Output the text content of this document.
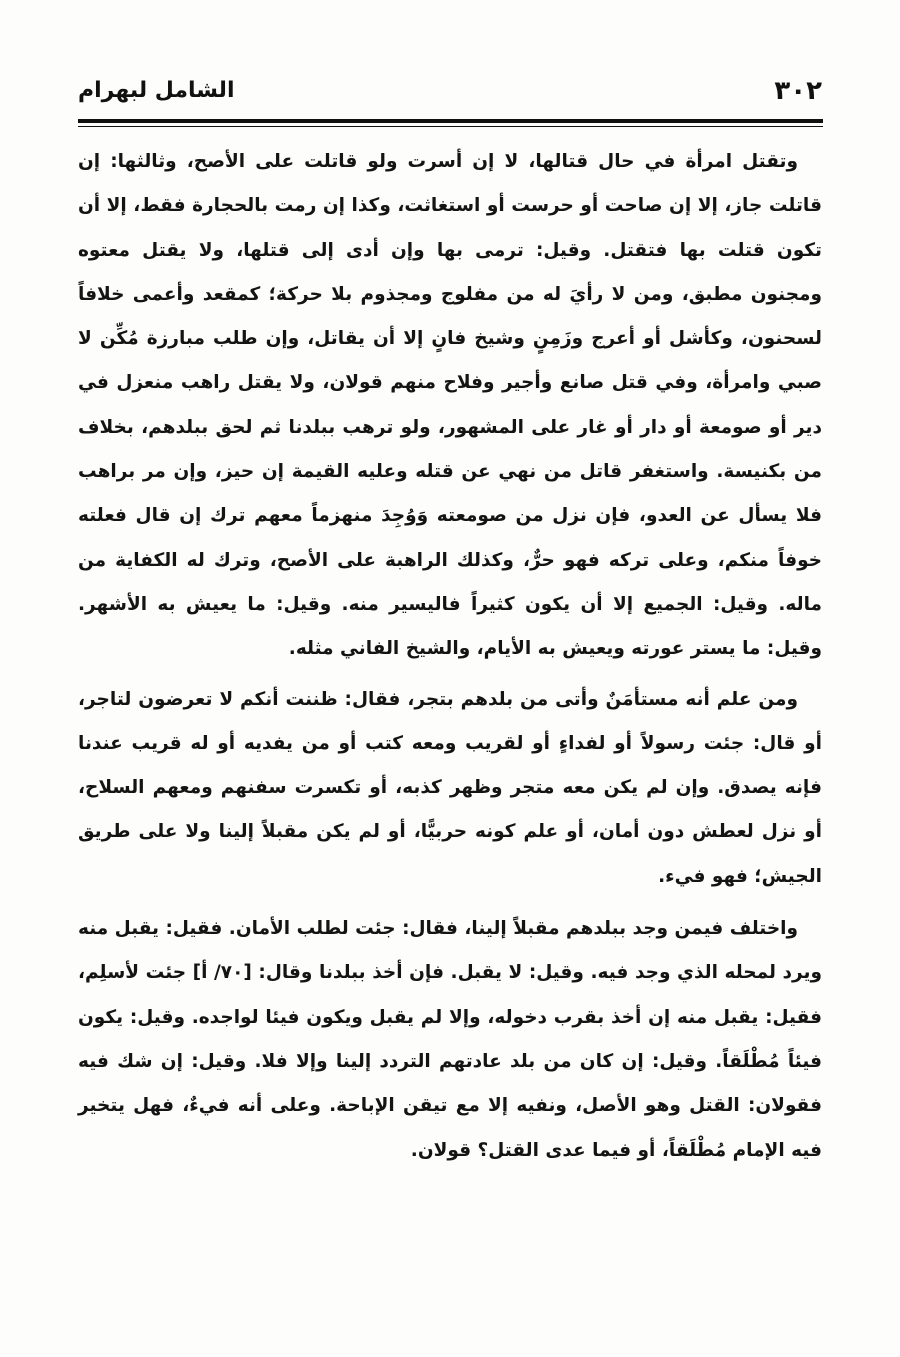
٣٠٢
الشامل لبهرام

وتقتل امرأة في حال قتالها، لا إن أسرت ولو قاتلت على الأصح، وثالثها: إن قاتلت جاز، إلا إن صاحت أو حرست أو استغاثت، وكذا إن رمت بالحجارة فقط، إلا أن تكون قتلت بها فتقتل. وقيل: ترمى بها وإن أدى إلى قتلها، ولا يقتل معتوه ومجنون مطبق، ومن لا رأيَ له من مفلوج ومجذوم بلا حركة؛ كمقعد وأعمى خلافاً لسحنون، وكأشل أو أعرج وزَمِنٍ وشيخ فانٍ إلا أن يقاتل، وإن طلب مبارزة مُكِّن لا صبي وامرأة، وفي قتل صانع وأجير وفلاح منهم قولان، ولا يقتل راهب منعزل في دير أو صومعة أو دار أو غار على المشهور، ولو ترهب ببلدنا ثم لحق ببلدهم، بخلاف من بكنيسة. واستغفر قاتل من نهي عن قتله وعليه القيمة إن حيز، وإن مر براهب فلا يسأل عن العدو، فإن نزل من صومعته وَوُجِدَ منهزماً معهم ترك إن قال فعلته خوفاً منكم، وعلى تركه فهو حرٌّ، وكذلك الراهبة على الأصح، وترك له الكفاية من ماله. وقيل: الجميع إلا أن يكون كثيراً فاليسير منه. وقيل: ما يعيش به الأشهر. وقيل: ما يستر عورته ويعيش به الأيام، والشيخ الفاني مثله.

ومن علم أنه مستأمَنٌ وأتى من بلدهم بتجر، فقال: ظننت أنكم لا تعرضون لتاجر، أو قال: جئت رسولاً أو لفداءٍ أو لقريب ومعه كتب أو من يفديه أو له قريب عندنا فإنه يصدق. وإن لم يكن معه متجر وظهر كذبه، أو تكسرت سفنهم ومعهم السلاح، أو نزل لعطش دون أمان، أو علم كونه حربيًّا، أو لم يكن مقبلاً إلينا ولا على طريق الجيش؛ فهو فيء.

واختلف فيمن وجد ببلدهم مقبلاً إلينا، فقال: جئت لطلب الأمان. فقيل: يقبل منه ويرد لمحله الذي وجد فيه. وقيل: لا يقبل. فإن أخذ ببلدنا وقال: [٧٠/ أ] جئت لأسلِم، فقيل: يقبل منه إن أخذ بقرب دخوله، وإلا لم يقبل ويكون فيئا لواجده. وقيل: يكون فيئاً مُطْلَقاً. وقيل: إن كان من بلد عادتهم التردد إلينا وإلا فلا. وقيل: إن شك فيه فقولان: القتل وهو الأصل، ونفيه إلا مع تيقن الإباحة. وعلى أنه فيءٌ، فهل يتخير فيه الإمام مُطْلَقاً، أو فيما عدى القتل؟ قولان.
